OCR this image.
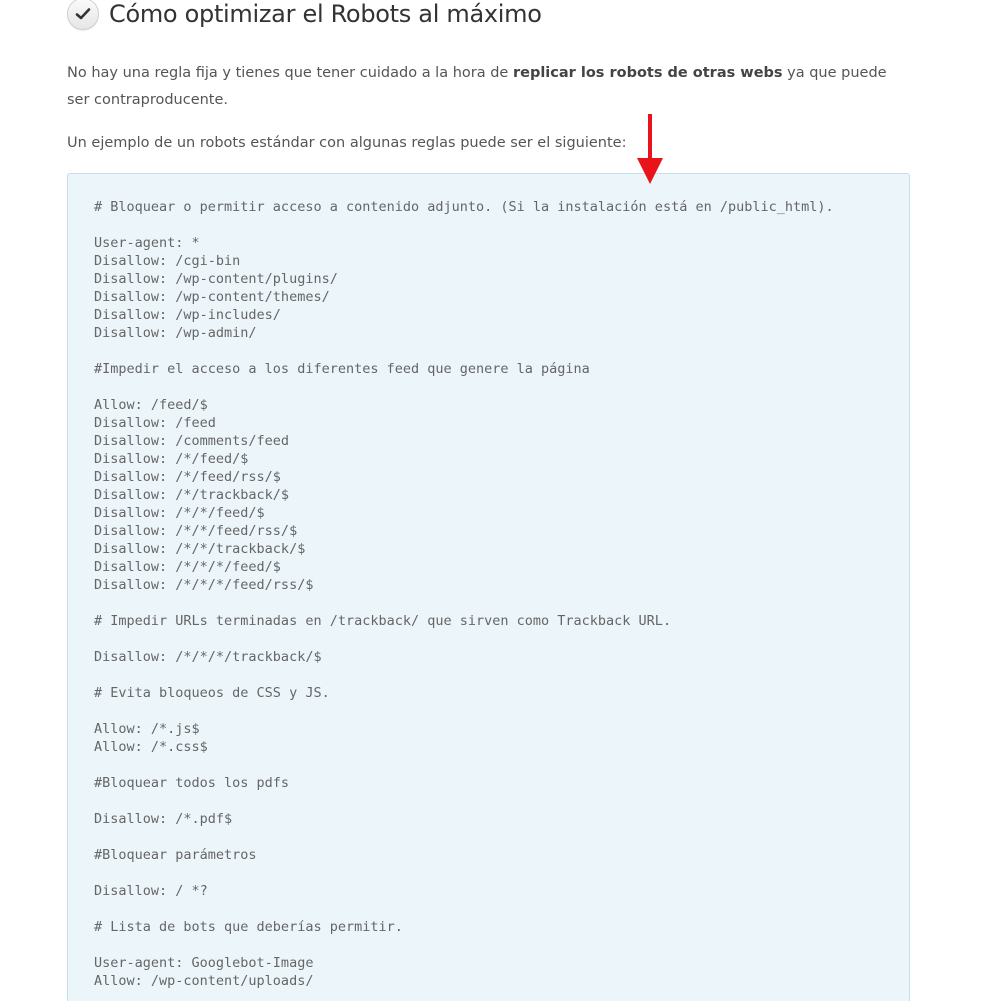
Cómo optimizar el Robots al máximo

No hay una regla fija y tienes que tener cuidado a la hora de replicar los robots de otras webs ya que puede ser contraproducente.

Un ejemplo de un robots estándar con algunas reglas puede ser el siguiente:

# Bloquear o permitir acceso a contenido adjunto. (Si la instalación está en /public_html).
User-agent: *
Disallow: /cgi-bin
Disallow: /wp-content/plugins/
Disallow: /wp-content/themes/
Disallow: /wp-includes/
Disallow: /wp-admin/
#Impedir el acceso a los diferentes feed que genere la página
Allow: /feed/$
Disallow: /feed
Disallow: /comments/feed
Disallow: /*/feed/$
Disallow: /*/feed/rss/$
Disallow: /*/trackback/$
Disallow: /*/*/feed/$
Disallow: /*/*/feed/rss/$
Disallow: /*/*/trackback/$
Disallow: /*/*/*/feed/$
Disallow: /*/*/*/feed/rss/$
# Impedir URLs terminadas en /trackback/ que sirven como Trackback URL.
Disallow: /*/*/*/trackback/$
# Evita bloqueos de CSS y JS.
Allow: /*.js$
Allow: /*.css$
#Bloquear todos los pdfs
Disallow: /*.pdf$
#Bloquear parámetros
Disallow: / *?
# Lista de bots que deberías permitir.
User-agent: Googlebot-Image
Allow: /wp-content/uploads/
